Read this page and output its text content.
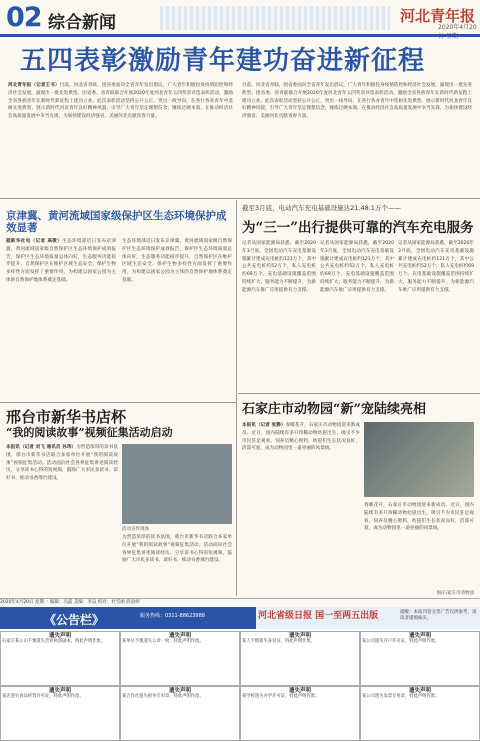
02 综合新闻	河北青年报
2020年4月20日 星期一
五四表彰激励青年建功奋进新征程
河北青年报（记者王书）目前，河北省青联、团省委面向全省青年发出倡议，广大青年积极投身疫情防控和经济社会发展，涌现出一批先进典型。团省委、省青联联合开展2020年度河北青年五四奖章评选表彰活动，激励全省各族青年在新时代新征程上建功立业。此次表彰活动坚持公开公正，突出一线导向，在各行各业青年中选树先进典型，展示新时代河北青年良好精神风貌，引导广大青年坚定理想信念，锤炼过硬本领，在推动经济社会高质量发展中争当先锋，为加快建设经济强省、美丽河北贡献青春力量。
目前，河北省青联、团省委面向全省青年发出倡议，广大青年积极投身疫情防控和经济社会发展，涌现出一批先进典型。团省委、省青联联合开展2020年度河北青年五四奖章评选表彰活动，激励全省各族青年在新时代新征程上建功立业。此次表彰活动坚持公开公正，突出一线导向，在各行各业青年中选树先进典型，展示新时代河北青年良好精神风貌，引导广大青年坚定理想信念，锤炼过硬本领，在推动经济社会高质量发展中争当先锋，为加快建设经济强省、美丽河北贡献青春力量。
京津冀、黄河流域国家级保护区生态环境保护成效显著
据新华社电（记者 高敬）生态环境部近日发布京津冀、黄河流域国家级自然保护区生态环境保护成效报告，保护区生态环境质量总体向好，生态服务功能稳步提升，自然保护区在维护区域生态安全、保护生物多样性方面发挥了重要作用，为构建以国家公园为主体的自然保护地体系奠定基础。
生态环境部近日发布京津冀、黄河流域国家级自然保护区生态环境保护成效报告，保护区生态环境质量总体向好，生态服务功能稳步提升，自然保护区在维护区域生态安全、保护生物多样性方面发挥了重要作用，为构建以国家公园为主体的自然保护地体系奠定基础。
截至3月底，电动汽车充电基础设施达21.48.1万个——
为“三一”出行提供可靠的汽车充电服务
记者从国家能源局获悉，截至2020年3月底，全国电动汽车充电基础设施累计建成充电桩约121万个，其中公共充电桩约52万个，私人充电桩约69万个。充电基础设施覆盖范围持续扩大，服务能力不断提升，为新能源汽车推广应用提供有力支撑。
记者从国家能源局获悉，截至2020年3月底，全国电动汽车充电基础设施累计建成充电桩约121万个，其中公共充电桩约52万个，私人充电桩约69万个。充电基础设施覆盖范围持续扩大，服务能力不断提升，为新能源汽车推广应用提供有力支撑。
记者从国家能源局获悉，截至2020年3月底，全国电动汽车充电基础设施累计建成充电桩约121万个，其中公共充电桩约52万个，私人充电桩约69万个。充电基础设施覆盖范围持续扩大，服务能力不断提升，为新能源汽车推广应用提供有力支撑。
石家庄市动物园“新”宠陆续亮相
本报讯（记者 张静）春暖花开，石家庄市动物园迎来新成员。近日，园内陆续有多只珍稀动物幼崽出生，吸引不少市民驻足观看。饲养员精心照料，幼崽们生长状况良好，活泼可爱，成为动物园里一道亮丽的风景线。
春暖花开，石家庄市动物园迎来新成员。近日，园内陆续有多只珍稀动物幼崽出生，吸引不少市民驻足观看。饲养员精心照料，幼崽们生长状况良好，活泼可爱，成为动物园里一道亮丽的风景线。
图/石家庄市动物园
邢台市新华书店杯
“我的阅读故事”视频征集活动启动
本报讯（记者 刘飞 通讯员 孙玮）为营造浓厚的读书氛围，邢台市新华书店联合多家单位开展“我的阅读故事”视频征集活动。活动面向社会各界征集讲述阅读经历、分享读书心得的短视频，鼓励广大市民多读书、读好书，推动书香邢台建设。
活动宣传现场
为营造浓厚的读书氛围，邢台市新华书店联合多家单位开展“我的阅读故事”视频征集活动。活动面向社会各界征集讲述阅读经历、分享读书心得的短视频，鼓励广大市民多读书、读好书，推动书香邢台建设。
2020年4月20日 星期一 编辑：冯磊 美编：李奋 校对：杜雪丽 段雨婷
《公告栏》	服务热线：0311-88623988	河北省级日报 国一至两五出版	提醒：本报刊登分类广告仅供参考，请读者谨慎核实。
遗失声明
石家庄某公司不慎遗失营业执照副本，特此声明作废。
遗失声明
某单位不慎遗失公章一枚，特此声明作废。
遗失声明
某人不慎遗失身份证，特此声明作废。
遗失声明
某公司遗失开户许可证，特此声明作废。
遗失声明
某店遗失食品经营许可证，特此声明作废。
遗失声明
某合作社遗失财务专用章，特此声明作废。
遗失声明
某学校遗失办学许可证，特此声明作废。
遗失声明
某公司遗失发票专用章，特此声明作废。
